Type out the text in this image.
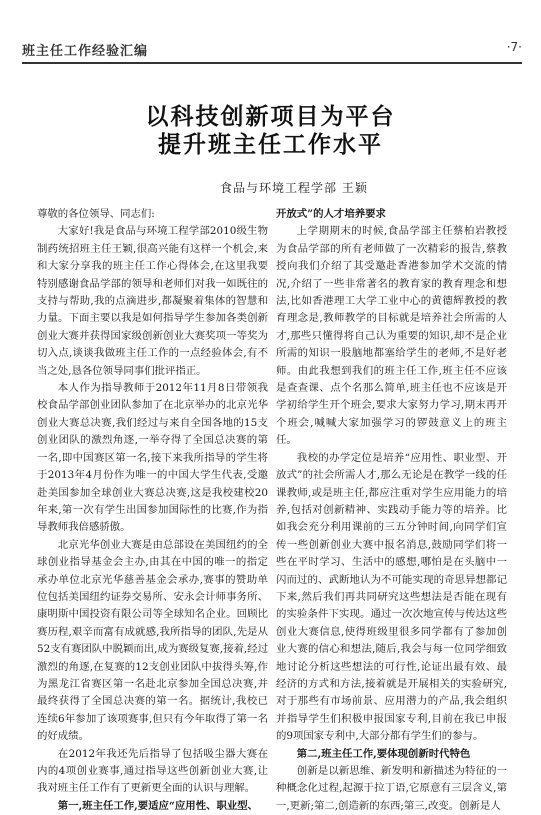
班主任工作经验汇编	·7·
以科技创新项目为平台
提升班主任工作水平
食品与环境工程学部 王颖

尊敬的各位领导、同志们:

大家好!我是食品与环境工程学部2010级生物制药统招班主任王颖,很高兴能有这样一个机会,来和大家分享我的班主任工作心得体会,在这里我要特别感谢食品学部的领导和老师们对我一如既往的支持与帮助,我的点滴进步,都凝聚着集体的智慧和力量。下面主要以我是如何指导学生参加各类创新创业大赛并获得国家级创新创业大赛奖项一等奖为切入点,谈谈我做班主任工作的一点经验体会,有不当之处,恳各位领导同事们批评指正。

本人作为指导教师于2012年11月8日带领我校食品学部创业团队参加了在北京举办的北京光华创业大赛总决赛,我们经过与来自全国各地的15支创业团队的激烈角逐,一举夺得了全国总决赛的第一名,即中国赛区第一名,接下来我所指导的学生将于2013年4月份作为唯一的中国大学生代表,受邀赴美国参加全球创业大赛总决赛,这是我校建校20年来,第一次有学生出国参加国际性的比赛,作为指导教师我倍感骄傲。

北京光华创业大赛是由总部设在美国纽约的全球创业指导基金会主办,由其在中国的唯一的指定承办单位北京光华慈善基金会承办,赛事的赞助单位包括美国纽约证券交易所、安永会计师事务所、康明斯中国投资有限公司等全球知名企业。回顾比赛历程,艰辛而富有成就感,我所指导的团队,先是从52支有赛团队中脱颖而出,成为赛级复赛,接着,经过激烈的角逐,在复赛的12支创业团队中拔得头筹,作为黑龙江省赛区第一名赴北京参加全国总决赛,并最终获得了全国总决赛的第一名。据统计,我校已连续6年参加了该项赛事,但只有今年取得了第一名的好成绩。

在2012年我还先后指导了包括吸尘器大赛在内的4项创业赛事,通过指导这些创新创业大赛,让我对班主任工作有了更新更全面的认识与理解。

第一,班主任工作,要适应“应用性、职业型、

开放式”的人才培养要求

上学期期末的时候,食品学部主任蔡柏岩教授为食品学部的所有老师做了一次精彩的报告,蔡教授向我们介绍了其受邀赴香港参加学术交流的情况,介绍了一些非常著名的教育家的教育理念和想法,比如香港理工大学工业中心的黄德辉教授的教育理念是,教师教学的目标就是培养社会所需的人才,那些只懂得将自己认为重要的知识,却不是企业所需的知识一股脑地都塞给学生的老师,不是好老师。由此我想到我们的班主任工作,班主任不应该是查查课、点个名那么简单,班主任也不应该是开学初给学生开个班会,要求大家努力学习,期末再开个班会,喊喊大家加强学习的锣鼓意义上的班主任。

我校的办学定位是培养“应用性、职业型、开放式”的社会所需人才,那么无论是在教学一线的任课教师,或是班主任,都应注重对学生应用能力的培养,包括对创新精神、实践动手能力等的培养。比如我会充分利用课前的三五分钟时间,向同学们宣传一些创新创业大赛中报名消息,鼓励同学们将一些在平时学习、生活中的感想,哪怕是在头脑中一闪而过的、武断地认为不可能实现的奇思异想都记下来,然后我们再共同研究这些想法是否能在现有的实验条件下实现。通过一次次地宣传与传达这些创业大赛信息,使得班级里很多同学都有了参加创业大赛的信心和想法,随后,我会与每一位同学细致地讨论分析这些想法的可行性,论证出最有效、最经济的方式和方法,接着就是开展相关的实验研究,对于那些有市场前景、应用潜力的产品,我会组织并指导学生们积极申报国家专利,目前在我已申报的9项国家专利中,大部分都有学生们的参与。

第二,班主任工作,要体现创新时代特色

创新是以新思维、新发明和新描述为特征的一种概念化过程,起源于拉丁语,它原意有三层含义,第一,更新;第二,创造新的东西;第三,改变。创新是人
